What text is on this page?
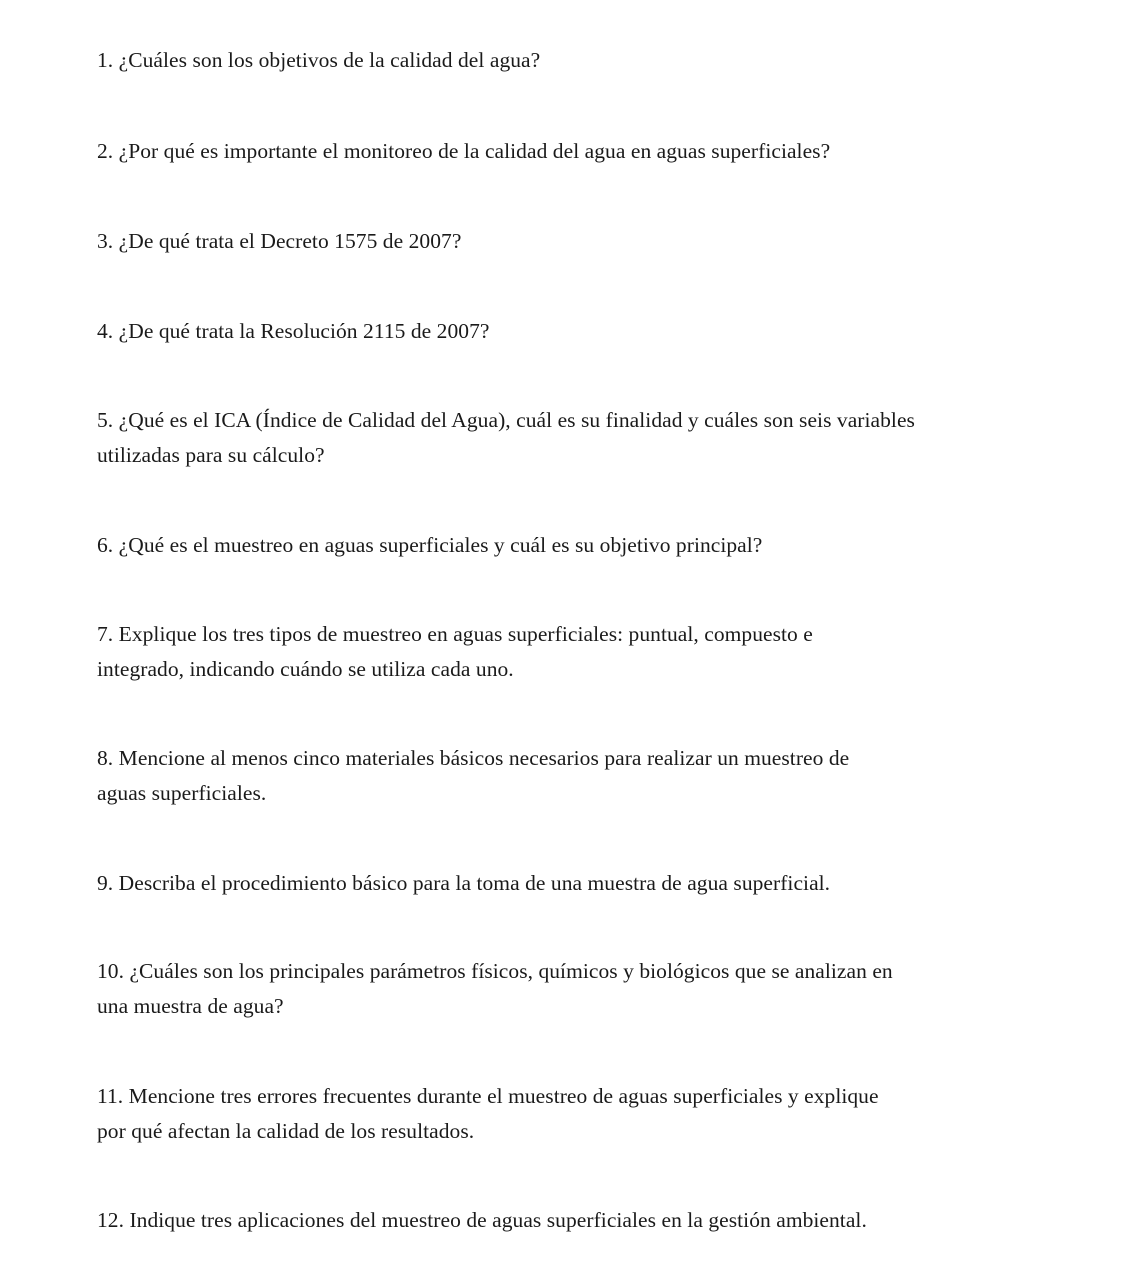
1. ¿Cuáles son los objetivos de la calidad del agua?

2. ¿Por qué es importante el monitoreo de la calidad del agua en aguas superficiales?

3. ¿De qué trata el Decreto 1575 de 2007?

4. ¿De qué trata la Resolución 2115 de 2007?

5. ¿Qué es el ICA (Índice de Calidad del Agua), cuál es su finalidad y cuáles son seis variables
utilizadas para su cálculo?

6. ¿Qué es el muestreo en aguas superficiales y cuál es su objetivo principal?

7. Explique los tres tipos de muestreo en aguas superficiales: puntual, compuesto e
integrado, indicando cuándo se utiliza cada uno.

8. Mencione al menos cinco materiales básicos necesarios para realizar un muestreo de
aguas superficiales.

9. Describa el procedimiento básico para la toma de una muestra de agua superficial.

10. ¿Cuáles son los principales parámetros físicos, químicos y biológicos que se analizan en
una muestra de agua?

11. Mencione tres errores frecuentes durante el muestreo de aguas superficiales y explique
por qué afectan la calidad de los resultados.

12. Indique tres aplicaciones del muestreo de aguas superficiales en la gestión ambiental.
